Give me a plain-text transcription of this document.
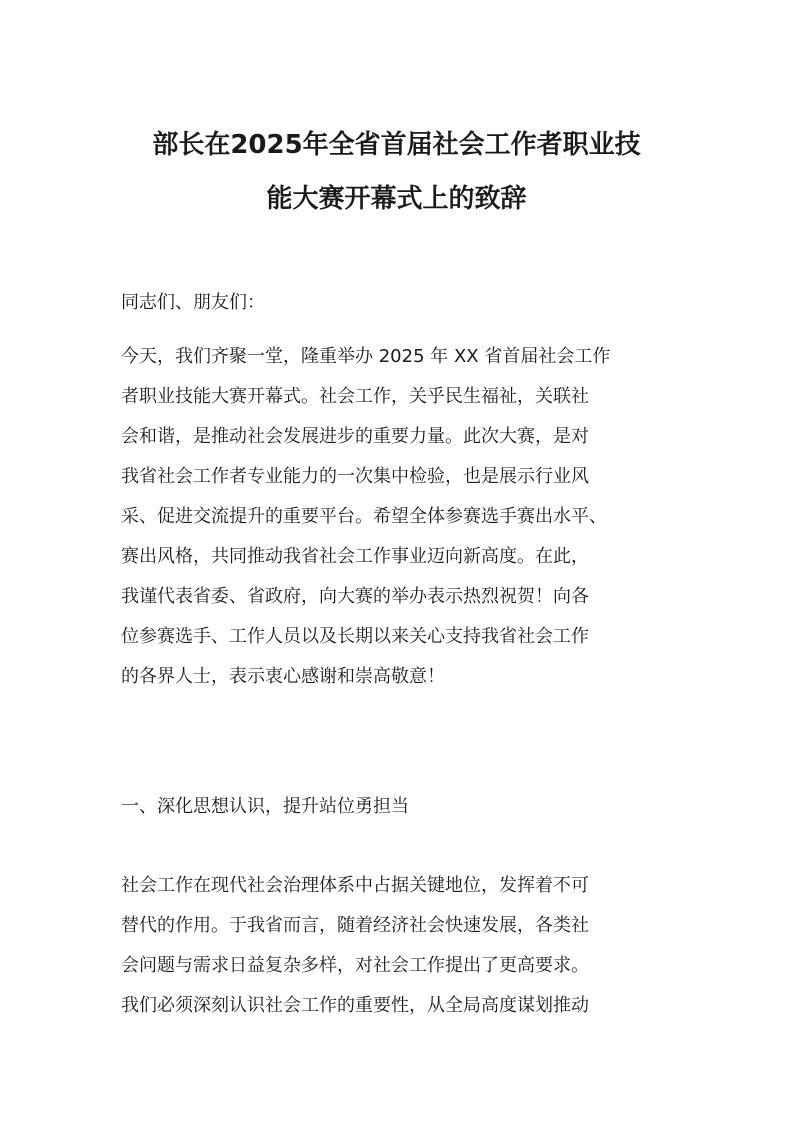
部长在2025年全省首届社会工作者职业技
能大赛开幕式上的致辞

同志们、朋友们：

今天，我们齐聚一堂，隆重举办 2025 年 XX 省首届社会工作
者职业技能大赛开幕式。社会工作，关乎民生福祉，关联社
会和谐，是推动社会发展进步的重要力量。此次大赛，是对
我省社会工作者专业能力的一次集中检验，也是展示行业风
采、促进交流提升的重要平台。希望全体参赛选手赛出水平、
赛出风格，共同推动我省社会工作事业迈向新高度。在此，
我谨代表省委、省政府，向大赛的举办表示热烈祝贺！向各
位参赛选手、工作人员以及长期以来关心支持我省社会工作
的各界人士，表示衷心感谢和崇高敬意！

一、深化思想认识，提升站位勇担当

社会工作在现代社会治理体系中占据关键地位，发挥着不可
替代的作用。于我省而言，随着经济社会快速发展，各类社
会问题与需求日益复杂多样，对社会工作提出了更高要求。
我们必须深刻认识社会工作的重要性，从全局高度谋划推动
